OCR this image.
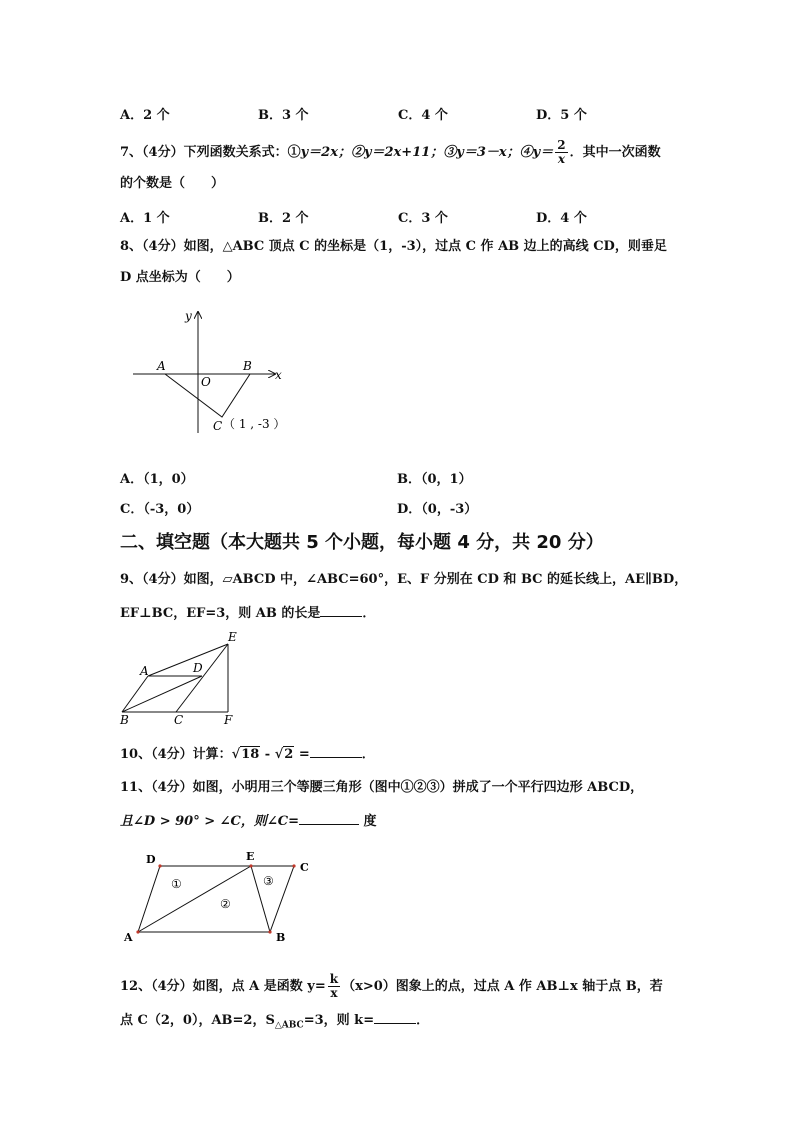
A．2 个	B．3 个	C．4 个	D．5 个
7、（4分）下列函数关系式：①y＝2x；②y＝2x+11；③y＝3－x；④y＝ $\frac{2}{x}$ ．其中一次函数
的个数是（　　）
A．1 个	B．2 个	C．3 个	D．4 个
8、（4分）如图，△ABC 顶点 C 的坐标是（1，-3），过点 C 作 AB 边上的高线 CD，则垂足
D 点坐标为（　　）
y
x
A	B
O
C （ 1 , -3 ）
A．（1，0）	B．（0，1）
C．（-3，0）	D．（0，-3）
二、填空题（本大题共 5 个小题，每小题 4 分，共 20 分）
9、（4分）如图，▱ABCD 中，∠ABC=60°，E、F 分别在 CD 和 BC 的延长线上，AE∥BD，
EF⊥BC，EF=3，则 AB 的长是	．
A	D
E
B	C	F
10、（4分）计算：√18 - √2 =	．
11、（4分）如图，小明用三个等腰三角形（图中①②③）拼成了一个平行四边形 ABCD，
且∠D > 90° > ∠C，则∠C=	度
D	E
C
A	B
①
②
③
12、（4分）如图，点 A 是函数 $y= \frac{k}{x} (x>0)$图象上的点，过点 A 作 AB⊥x 轴于点 B，若
点 C（2，0），AB=2，$S_{\triangle ABC}=3$，则 k=	．
